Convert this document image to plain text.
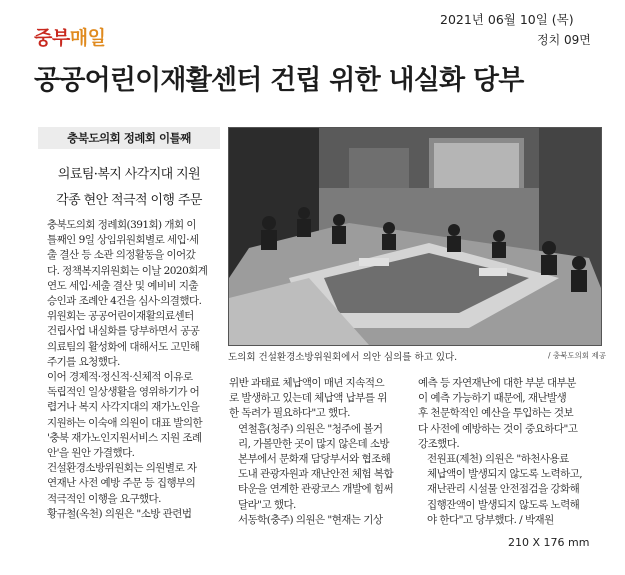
2021년 06월 10일 (목)
정치 09면
중부매일
공공어린이재활센터 건립 위한 내실화 당부
충북도의회 정례회 이틀째
의료팀·복지 사각지대 지원
각종 현안 적극적 이행 주문
도의회 건설환경소방위원회에서 의안 심의를 하고 있다.	/ 충북도의회 제공

충북도의회 정례회(391회) 개회 이
틀째인 9일 상임위원회별로 세입·세
출 결산 등 소관 의정활동을 이어갔
다. 정책복지위원회는 이날 2020회계
연도 세입·세출 결산 및 예비비 지출
승인과 조례안 4건을 심사·의결했다.

위원회는 공공어린이재활의료센터
건립사업 내실화를 당부하면서 공공
의료팀의 활성화에 대해서도 고민해
주기를 요청했다.

이어 경제적·정신적·신체적 이유로
독립적인 일상생활을 영위하기가 어
렵거나 복지 사각지대의 재가노인을
지원하는 이숙애 의원이 대표 발의한
'충북 재가노인지원서비스 지원 조례
안'을 원안 가결했다.

건설환경소방위원회는 의원별로 자
연재난 사전 예방 주문 등 집행부의
적극적인 이행을 요구했다.

황규철(옥천) 의원은 "소방 관련법

위반 과태료 체납액이 매년 지속적으
로 발생하고 있는데 체납액 납부를 위
한 독려가 필요하다"고 했다.

연철흠(청주) 의원은 "청주에 볼거
리, 가볼만한 곳이 많지 않은데 소방
본부에서 문화재 담당부서와 협조해
도내 관광자원과 재난안전 체험 복합
타운을 연계한 관광코스 개발에 힘써
달라"고 했다.

서동학(충주) 의원은 "현재는 기상

예측 등 자연재난에 대한 부분 대부분
이 예측 가능하기 때문에, 재난발생
후 천문학적인 예산을 투입하는 것보
다 사전에 예방하는 것이 중요하다"고
강조했다.

전원표(제천) 의원은 "하천사용료
체납액이 발생되지 않도록 노력하고,
재난관리 시설물 안전점검을 강화해
집행잔액이 발생되지 않도록 노력해
야 한다"고 당부했다. / 박재원

210 X 176 mm
